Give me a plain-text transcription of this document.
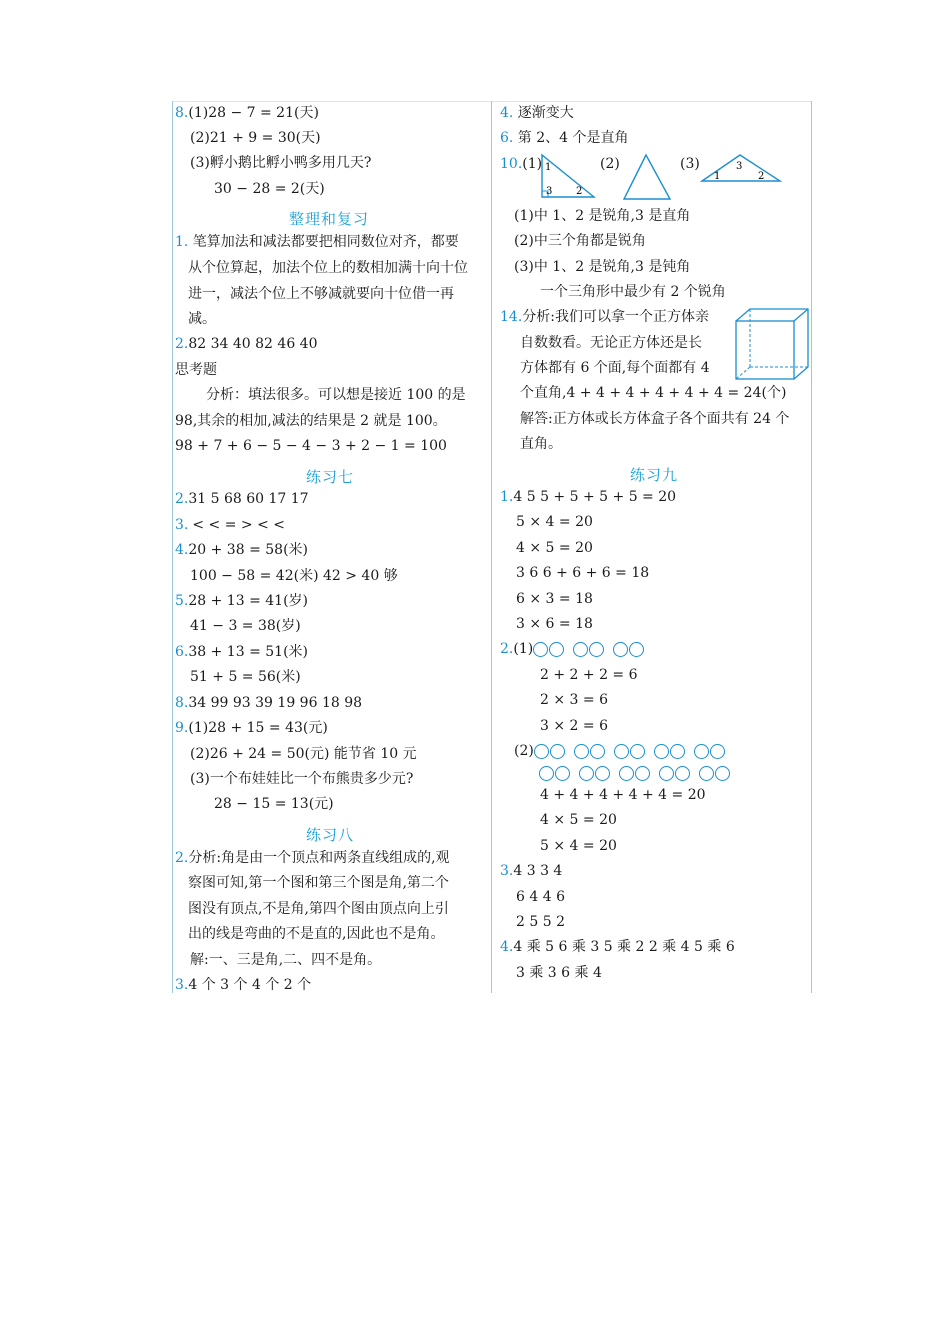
8.(1)28 − 7 = 21(天)
(2)21 + 9 = 30(天)
(3)孵小鹅比孵小鸭多用几天?
30 − 28 = 2(天)
整理和复习
1. 笔算加法和减法都要把相同数位对齐，都要
从个位算起，加法个位上的数相加满十向十位
进一，减法个位上不够减就要向十位借一再
减。
2.82 34 40 82 46 40
思考题
分析：填法很多。可以想是接近 100 的是
98,其余的相加,减法的结果是 2 就是 100。
98 + 7 + 6 − 5 − 4 − 3 + 2 − 1 = 100
练习七
2.31 5 68 60 17 17
3. < < = > < <
4.20 + 38 = 58(米)
100 − 58 = 42(米) 42 > 40 够
5.28 + 13 = 41(岁)
41 − 3 = 38(岁)
6.38 + 13 = 51(米)
51 + 5 = 56(米)
8.34 99 93 39 19 96 18 98
9.(1)28 + 15 = 43(元)
(2)26 + 24 = 50(元) 能节省 10 元
(3)一个布娃娃比一个布熊贵多少元?
28 − 15 = 13(元)
练习八
2.分析:角是由一个顶点和两条直线组成的,观
察图可知,第一个图和第三个图是角,第二个
图没有顶点,不是角,第四个图由顶点向上引
出的线是弯曲的不是直的,因此也不是角。
解:一、三是角,二、四不是角。
3.4 个 3 个 4 个 2 个
4. 逐渐变大
6. 第 2、4 个是直角
10.(1)	(2)	(3)
1
3 2
3
1	2
(1)中 1、2 是锐角,3 是直角
(2)中三个角都是锐角
(3)中 1、2 是锐角,3 是钝角
一个三角形中最少有 2 个锐角
14.分析:我们可以拿一个正方体亲
自数数看。无论正方体还是长
方体都有 6 个面,每个面都有 4
个直角,4 + 4 + 4 + 4 + 4 + 4 = 24(个)
解答:正方体或长方体盒子各个面共有 24 个
直角。
练习九
1.4 5 5 + 5 + 5 + 5 = 20
5 × 4 = 20
4 × 5 = 20
3 6 6 + 6 + 6 = 18
6 × 3 = 18
3 × 6 = 18
2.(1)
2 + 2 + 2 = 6
2 × 3 = 6
3 × 2 = 6
(2)
4 + 4 + 4 + 4 + 4 = 20
4 × 5 = 20
5 × 4 = 20
3.4 3 3 4
6 4 4 6
2 5 5 2
4.4 乘 5 6 乘 3 5 乘 2 2 乘 4 5 乘 6
3 乘 3 6 乘 4
